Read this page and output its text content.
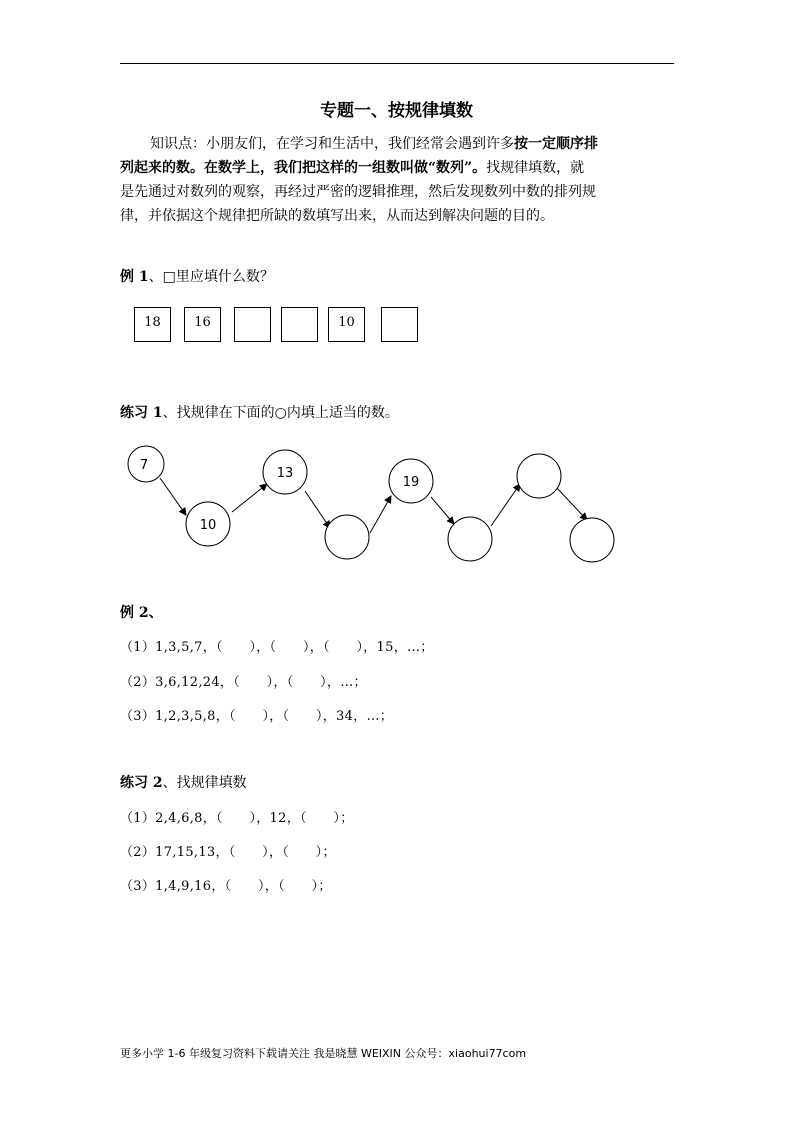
专题一、按规律填数
知识点：小朋友们，在学习和生活中，我们经常会遇到许多按一定顺序排
列起来的数。在数学上，我们把这样的一组数叫做“数列”。找规律填数，就
是先通过对数列的观察，再经过严密的逻辑推理，然后发现数列中数的排列规
律，并依据这个规律把所缺的数填写出来，从而达到解决问题的目的。
例 1、□里应填什么数？
18	16	10
练习 1、找规律在下面的○内填上适当的数。
7
10
13
19
例 2、
（1）1,3,5,7，（　　），（　　），（　　），15，…；
（2）3,6,12,24，（　　），（　　），…；
（3）1,2,3,5,8，（　　），（　　），34，…；
练习 2、找规律填数
（1）2,4,6,8，（　　），12，（　　）；
（2）17,15,13，（　　），（　　）；
（3）1,4,9,16，（　　），（　　）；
更多小学 1-6 年级复习资料下载请关注 我是晓慧 WEIXIN 公众号：xiaohui77com
